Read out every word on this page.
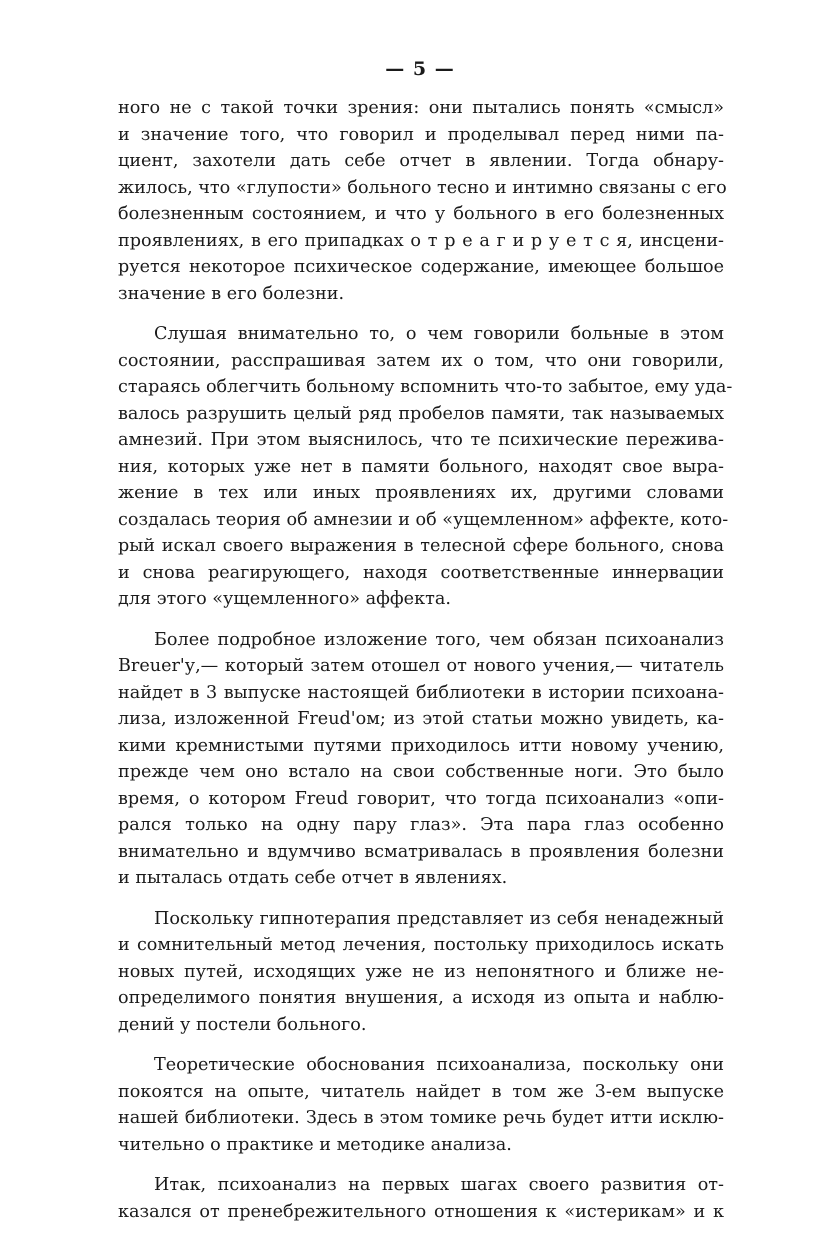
— 5 —
ного не с такой точки зрения: они пытались понять «смысл»
и значение того, что говорил и проделывал перед ними па-
циент, захотели дать себе отчет в явлении. Тогда обнару-
жилось, что «глупости» больного тесно и интимно связаны с его
болезненным состоянием, и что у больного в его болезненных
проявлениях, в его припадках о т р е а г и р у е т с я, инсцени-
руется некоторое психическое содержание, имеющее большое
значение в его болезни.
Слушая внимательно то, о чем говорили больные в этом
состоянии, расспрашивая затем их о том, что они говорили,
стараясь облегчить больному вспомнить что-то забытое, ему уда-
валось разрушить целый ряд пробелов памяти, так называемых
амнезий. При этом выяснилось, что те психические пережива-
ния, которых уже нет в памяти больного, находят свое выра-
жение в тех или иных проявлениях их, другими словами
создалась теория об амнезии и об «ущемленном» аффекте, кото-
рый искал своего выражения в телесной сфере больного, снова
и снова реагирующего, находя соответственные иннервации
для этого «ущемленного» аффекта.
Более подробное изложение того, чем обязан психоанализ
Breuer'у,— который затем отошел от нового учения,— читатель
найдет в 3 выпуске настоящей библиотеки в истории психоана-
лиза, изложенной Freud'ом; из этой статьи можно увидеть, ка-
кими кремнистыми путями приходилось итти новому учению,
прежде чем оно встало на свои собственные ноги. Это было
время, о котором Freud говорит, что тогда психоанализ «опи-
рался только на одну пару глаз». Эта пара глаз особенно
внимательно и вдумчиво всматривалась в проявления болезни
и пыталась отдать себе отчет в явлениях.
Поскольку гипнотерапия представляет из себя ненадежный
и сомнительный метод лечения, постольку приходилось искать
новых путей, исходящих уже не из непонятного и ближе не-
определимого понятия внушения, а исходя из опыта и наблю-
дений у постели больного.
Теоретические обоснования психоанализа, поскольку они
покоятся на опыте, читатель найдет в том же 3-ем выпуске
нашей библиотеки. Здесь в этом томике речь будет итти исклю-
чительно о практике и методике анализа.
Итак, психоанализ на первых шагах своего развития от-
казался от пренебрежительного отношения к «истерикам» и к
